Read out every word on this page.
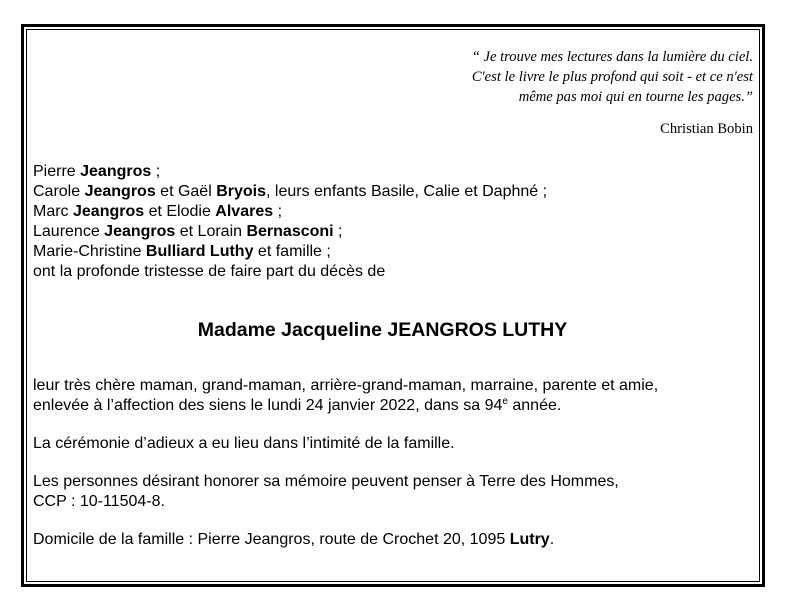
“ Je trouve mes lectures dans la lumière du ciel.
C'est le livre le plus profond qui soit - et ce n'est
même pas moi qui en tourne les pages.”
Christian Bobin
Pierre Jeangros ;
Carole Jeangros et Gaël Bryois, leurs enfants Basile, Calie et Daphné ;
Marc Jeangros et Elodie Alvares ;
Laurence Jeangros et Lorain Bernasconi ;
Marie-Christine Bulliard Luthy et famille ;
ont la profonde tristesse de faire part du décès de
Madame Jacqueline JEANGROS LUTHY
leur très chère maman, grand-maman, arrière-grand-maman, marraine, parente et amie,
enlevée à l’affection des siens le lundi 24 janvier 2022, dans sa 94e année.
La cérémonie d’adieux a eu lieu dans l’intimité de la famille.
Les personnes désirant honorer sa mémoire peuvent penser à Terre des Hommes,
CCP : 10-11504-8.
Domicile de la famille : Pierre Jeangros, route de Crochet 20, 1095 Lutry.
